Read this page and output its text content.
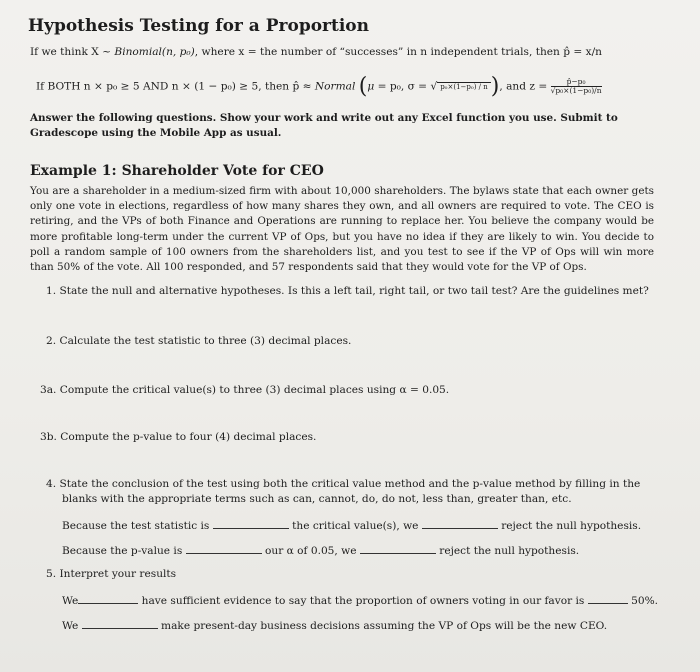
Hypothesis Testing for a Proportion
If we think X ~ Binomial(n, p₀), where x = the number of “successes” in n independent trials, then p̂ = x/n
If BOTH n × p₀ ≥ 5 AND n × (1 − p₀) ≥ 5, then p̂ ≈ Normal (μ = p₀, σ = √ p₀×(1−p₀) / n ), and $z = \frac{\text{p̂−p₀}}{\text{√p₀×(1−p₀)/n}}$
Answer the following questions. Show your work and write out any Excel function you use. Submit to Gradescope using the Mobile App as usual.
Example 1: Shareholder Vote for CEO
You are a shareholder in a medium-sized firm with about 10,000 shareholders. The bylaws state that each owner gets only one vote in elections, regardless of how many shares they own, and all owners are required to vote. The CEO is retiring, and the VPs of both Finance and Operations are running to replace her. You believe the company would be more profitable long-term under the current VP of Ops, but you have no idea if they are likely to win. You decide to poll a random sample of 100 owners from the shareholders list, and you test to see if the VP of Ops will win more than 50% of the vote. All 100 responded, and 57 respondents said that they would vote for the VP of Ops.
1. State the null and alternative hypotheses. Is this a left tail, right tail, or two tail test? Are the guidelines met?
2. Calculate the test statistic to three (3) decimal places.
3a. Compute the critical value(s) to three (3) decimal places using α = 0.05.
3b. Compute the p-value to four (4) decimal places.
4. State the conclusion of the test using both the critical value method and the p-value method by filling in the
blanks with the appropriate terms such as can, cannot, do, do not, less than, greater than, etc.
Because the test statistic is	the critical value(s), we	reject the null hypothesis.
Because the p-value is	our α of 0.05, we	reject the null hypothesis.
5. Interpret your results
We	have sufficient evidence to say that the proportion of owners voting in our favor is	50%.
We	make present-day business decisions assuming the VP of Ops will be the new CEO.
